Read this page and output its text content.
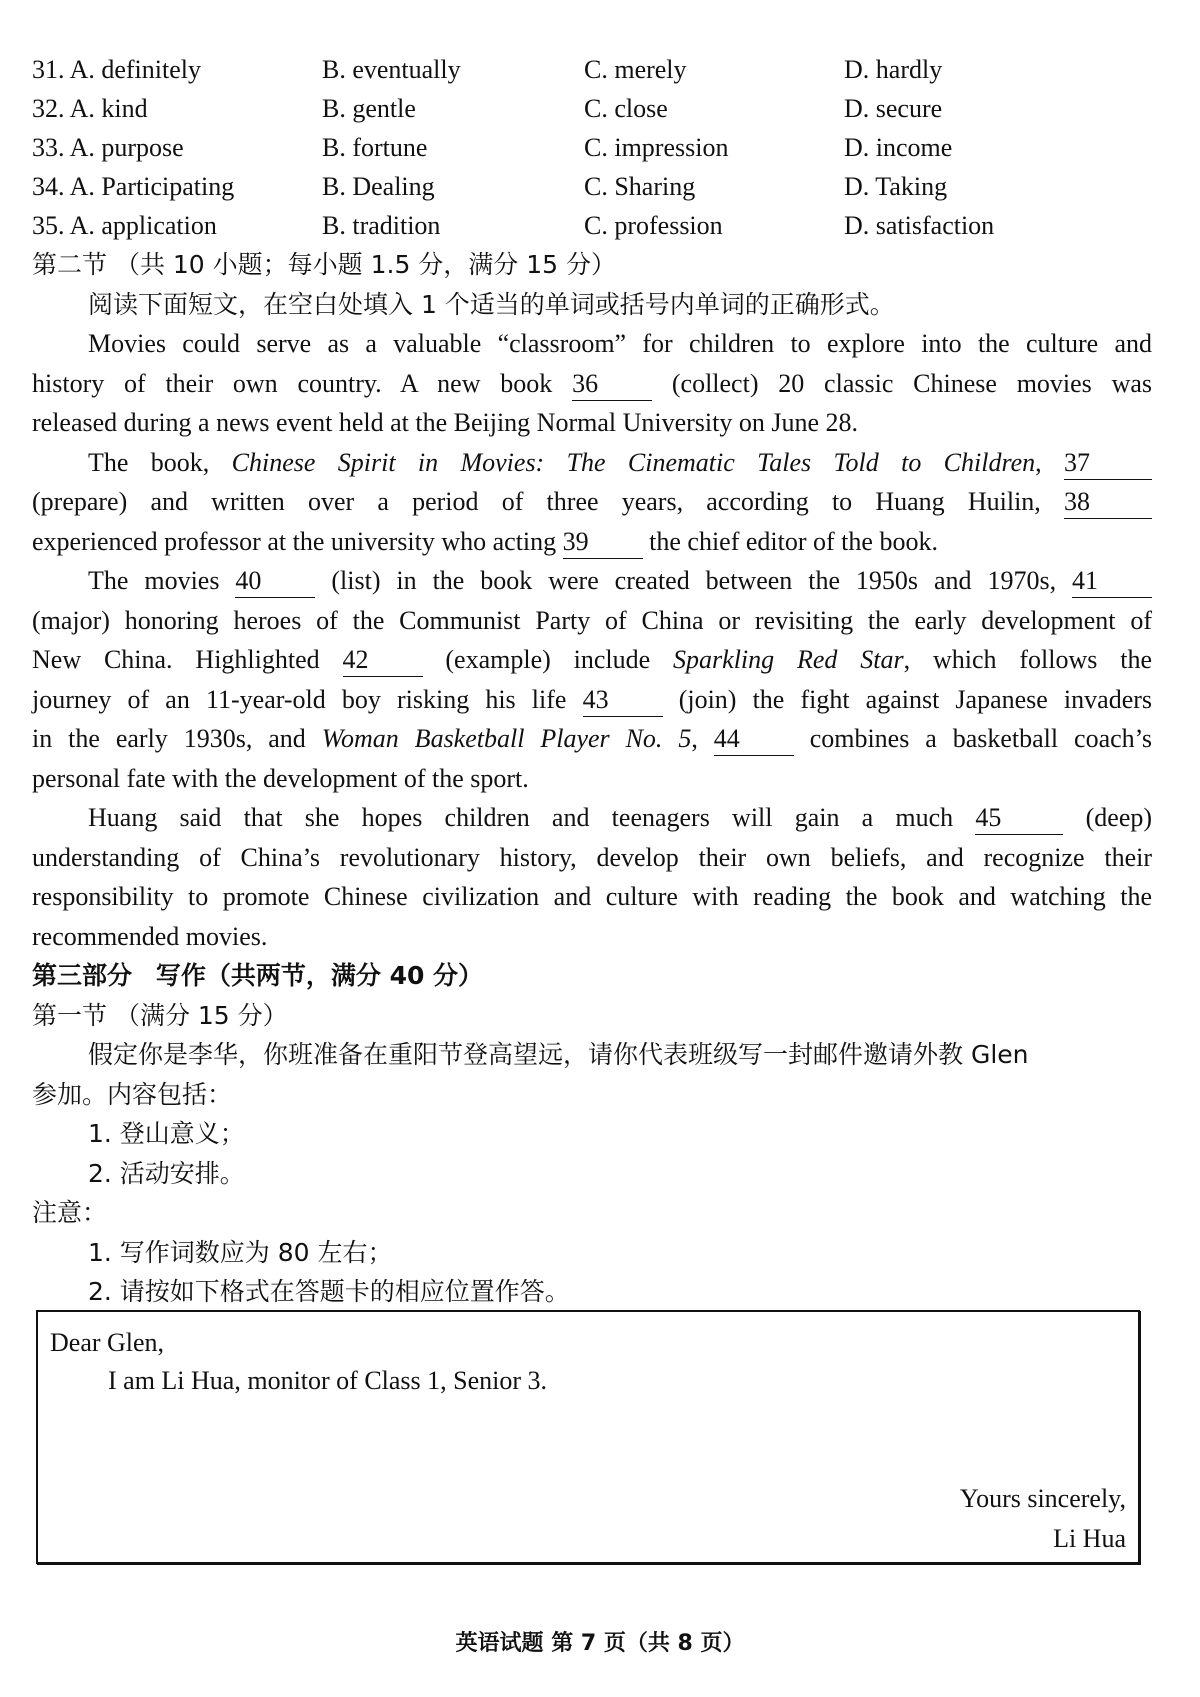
31. A. definitely	B. eventually	C. merely	D. hardly
32. A. kind	B. gentle	C. close	D. secure
33. A. purpose	B. fortune	C. impression	D. income
34. A. Participating	B. Dealing	C. Sharing	D. Taking
35. A. application	B. tradition	C. profession	D. satisfaction
第二节 （共 10 小题；每小题 1.5 分，满分 15 分）
阅读下面短文，在空白处填入 1 个适当的单词或括号内单词的正确形式。
Movies could serve as a valuable “classroom” for children to explore into the culture and
history of their own country. A new book 36	(collect) 20 classic Chinese movies was
released during a news event held at the Beijing Normal University on June 28.
The book, Chinese Spirit in Movies: The Cinematic Tales Told to Children, 37
(prepare) and written over a period of three years, according to Huang Huilin, 38
experienced professor at the university who acting 39 the chief editor of the book.
The movies 40	(list) in the book were created between the 1950s and 1970s, 41
(major) honoring heroes of the Communist Party of China or revisiting the early development of
New China. Highlighted 42	(example) include Sparkling Red Star, which follows the
journey of an 11-year-old boy risking his life 43	(join) the fight against Japanese invaders
in the early 1930s, and Woman Basketball Player No. 5, 44	combines a basketball coach’s
personal fate with the development of the sport.
Huang said that she hopes children and teenagers will gain a much 45	(deep)
understanding of China’s revolutionary history, develop their own beliefs, and recognize their
responsibility to promote Chinese civilization and culture with reading the book and watching the
recommended movies.
第三部分 写作（共两节，满分 40 分）
第一节 （满分 15 分）
假定你是李华，你班准备在重阳节登高望远，请你代表班级写一封邮件邀请外教 Glen
参加。内容包括：
1. 登山意义；
2. 活动安排。
注意：
1. 写作词数应为 80 左右；
2. 请按如下格式在答题卡的相应位置作答。
Dear Glen,
I am Li Hua, monitor of Class 1, Senior 3.
Yours sincerely,
Li Hua
英语试题 第 7 页（共 8 页）
